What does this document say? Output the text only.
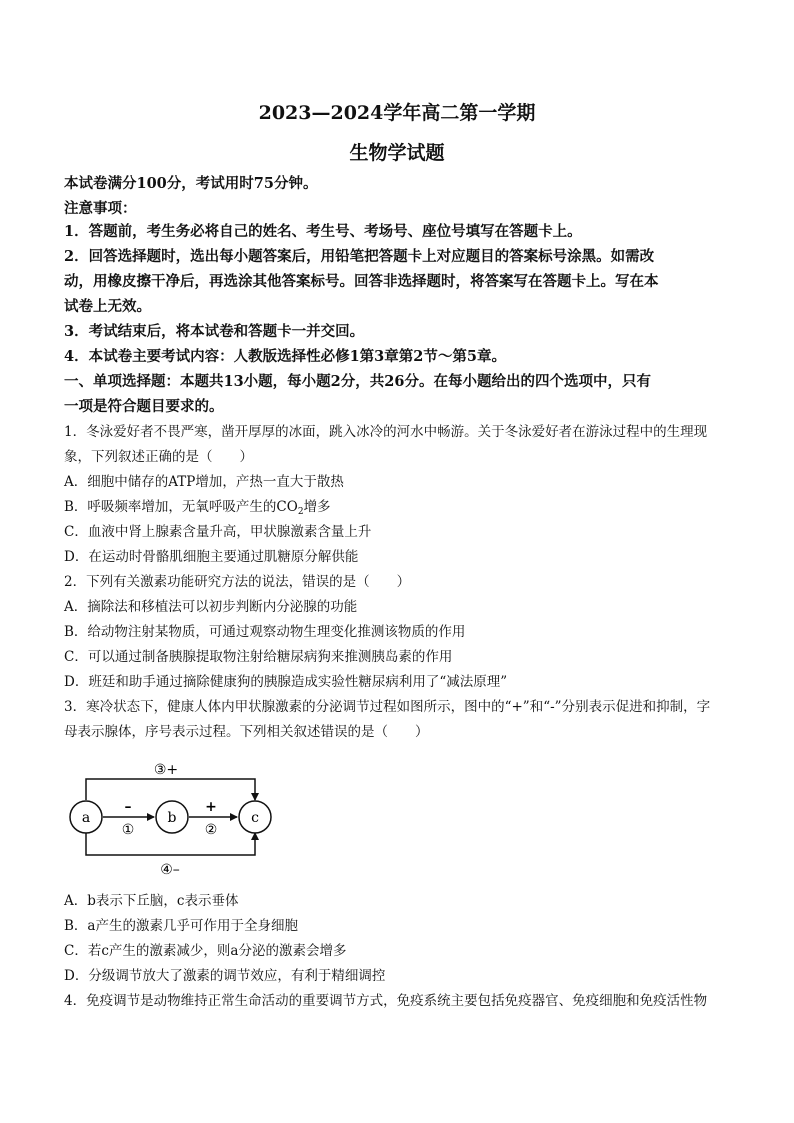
2023—2024学年高二第一学期
生物学试题
本试卷满分100分，考试用时75分钟。
注意事项：
1．答题前，考生务必将自己的姓名、考生号、考场号、座位号填写在答题卡上。
2．回答选择题时，选出每小题答案后，用铅笔把答题卡上对应题目的答案标号涂黑。如需改
动，用橡皮擦干净后，再选涂其他答案标号。回答非选择题时，将答案写在答题卡上。写在本
试卷上无效。
3．考试结束后，将本试卷和答题卡一并交回。
4．本试卷主要考试内容：人教版选择性必修1第3章第2节～第5章。
一、单项选择题：本题共13小题，每小题2分，共26分。在每小题给出的四个选项中，只有
一项是符合题目要求的。
1．冬泳爱好者不畏严寒，凿开厚厚的冰面，跳入冰冷的河水中畅游。关于冬泳爱好者在游泳过程中的生理现
象，下列叙述正确的是（　　）
A．细胞中储存的ATP增加，产热一直大于散热
B．呼吸频率增加，无氧呼吸产生的$CO_2$增多
C．血液中肾上腺素含量升高，甲状腺激素含量上升
D．在运动时骨骼肌细胞主要通过肌糖原分解供能
2．下列有关激素功能研究方法的说法，错误的是（　　）
A．摘除法和移植法可以初步判断内分泌腺的功能
B．给动物注射某物质，可通过观察动物生理变化推测该物质的作用
C．可以通过制备胰腺提取物注射给糖尿病狗来推测胰岛素的作用
D．班廷和助手通过摘除健康狗的胰腺造成实验性糖尿病利用了“减法原理”
3．寒冷状态下，健康人体内甲状腺激素的分泌调节过程如图所示，图中的“+”和“-”分别表示促进和抑制，字
母表示腺体，序号表示过程。下列相关叙述错误的是（　　）
a	b	c
③+
–
①
+
②
④–
A．b表示下丘脑，c表示垂体
B．a产生的激素几乎可作用于全身细胞
C．若c产生的激素减少，则a分泌的激素会增多
D．分级调节放大了激素的调节效应，有利于精细调控
4．免疫调节是动物维持正常生命活动的重要调节方式，免疫系统主要包括免疫器官、免疫细胞和免疫活性物
